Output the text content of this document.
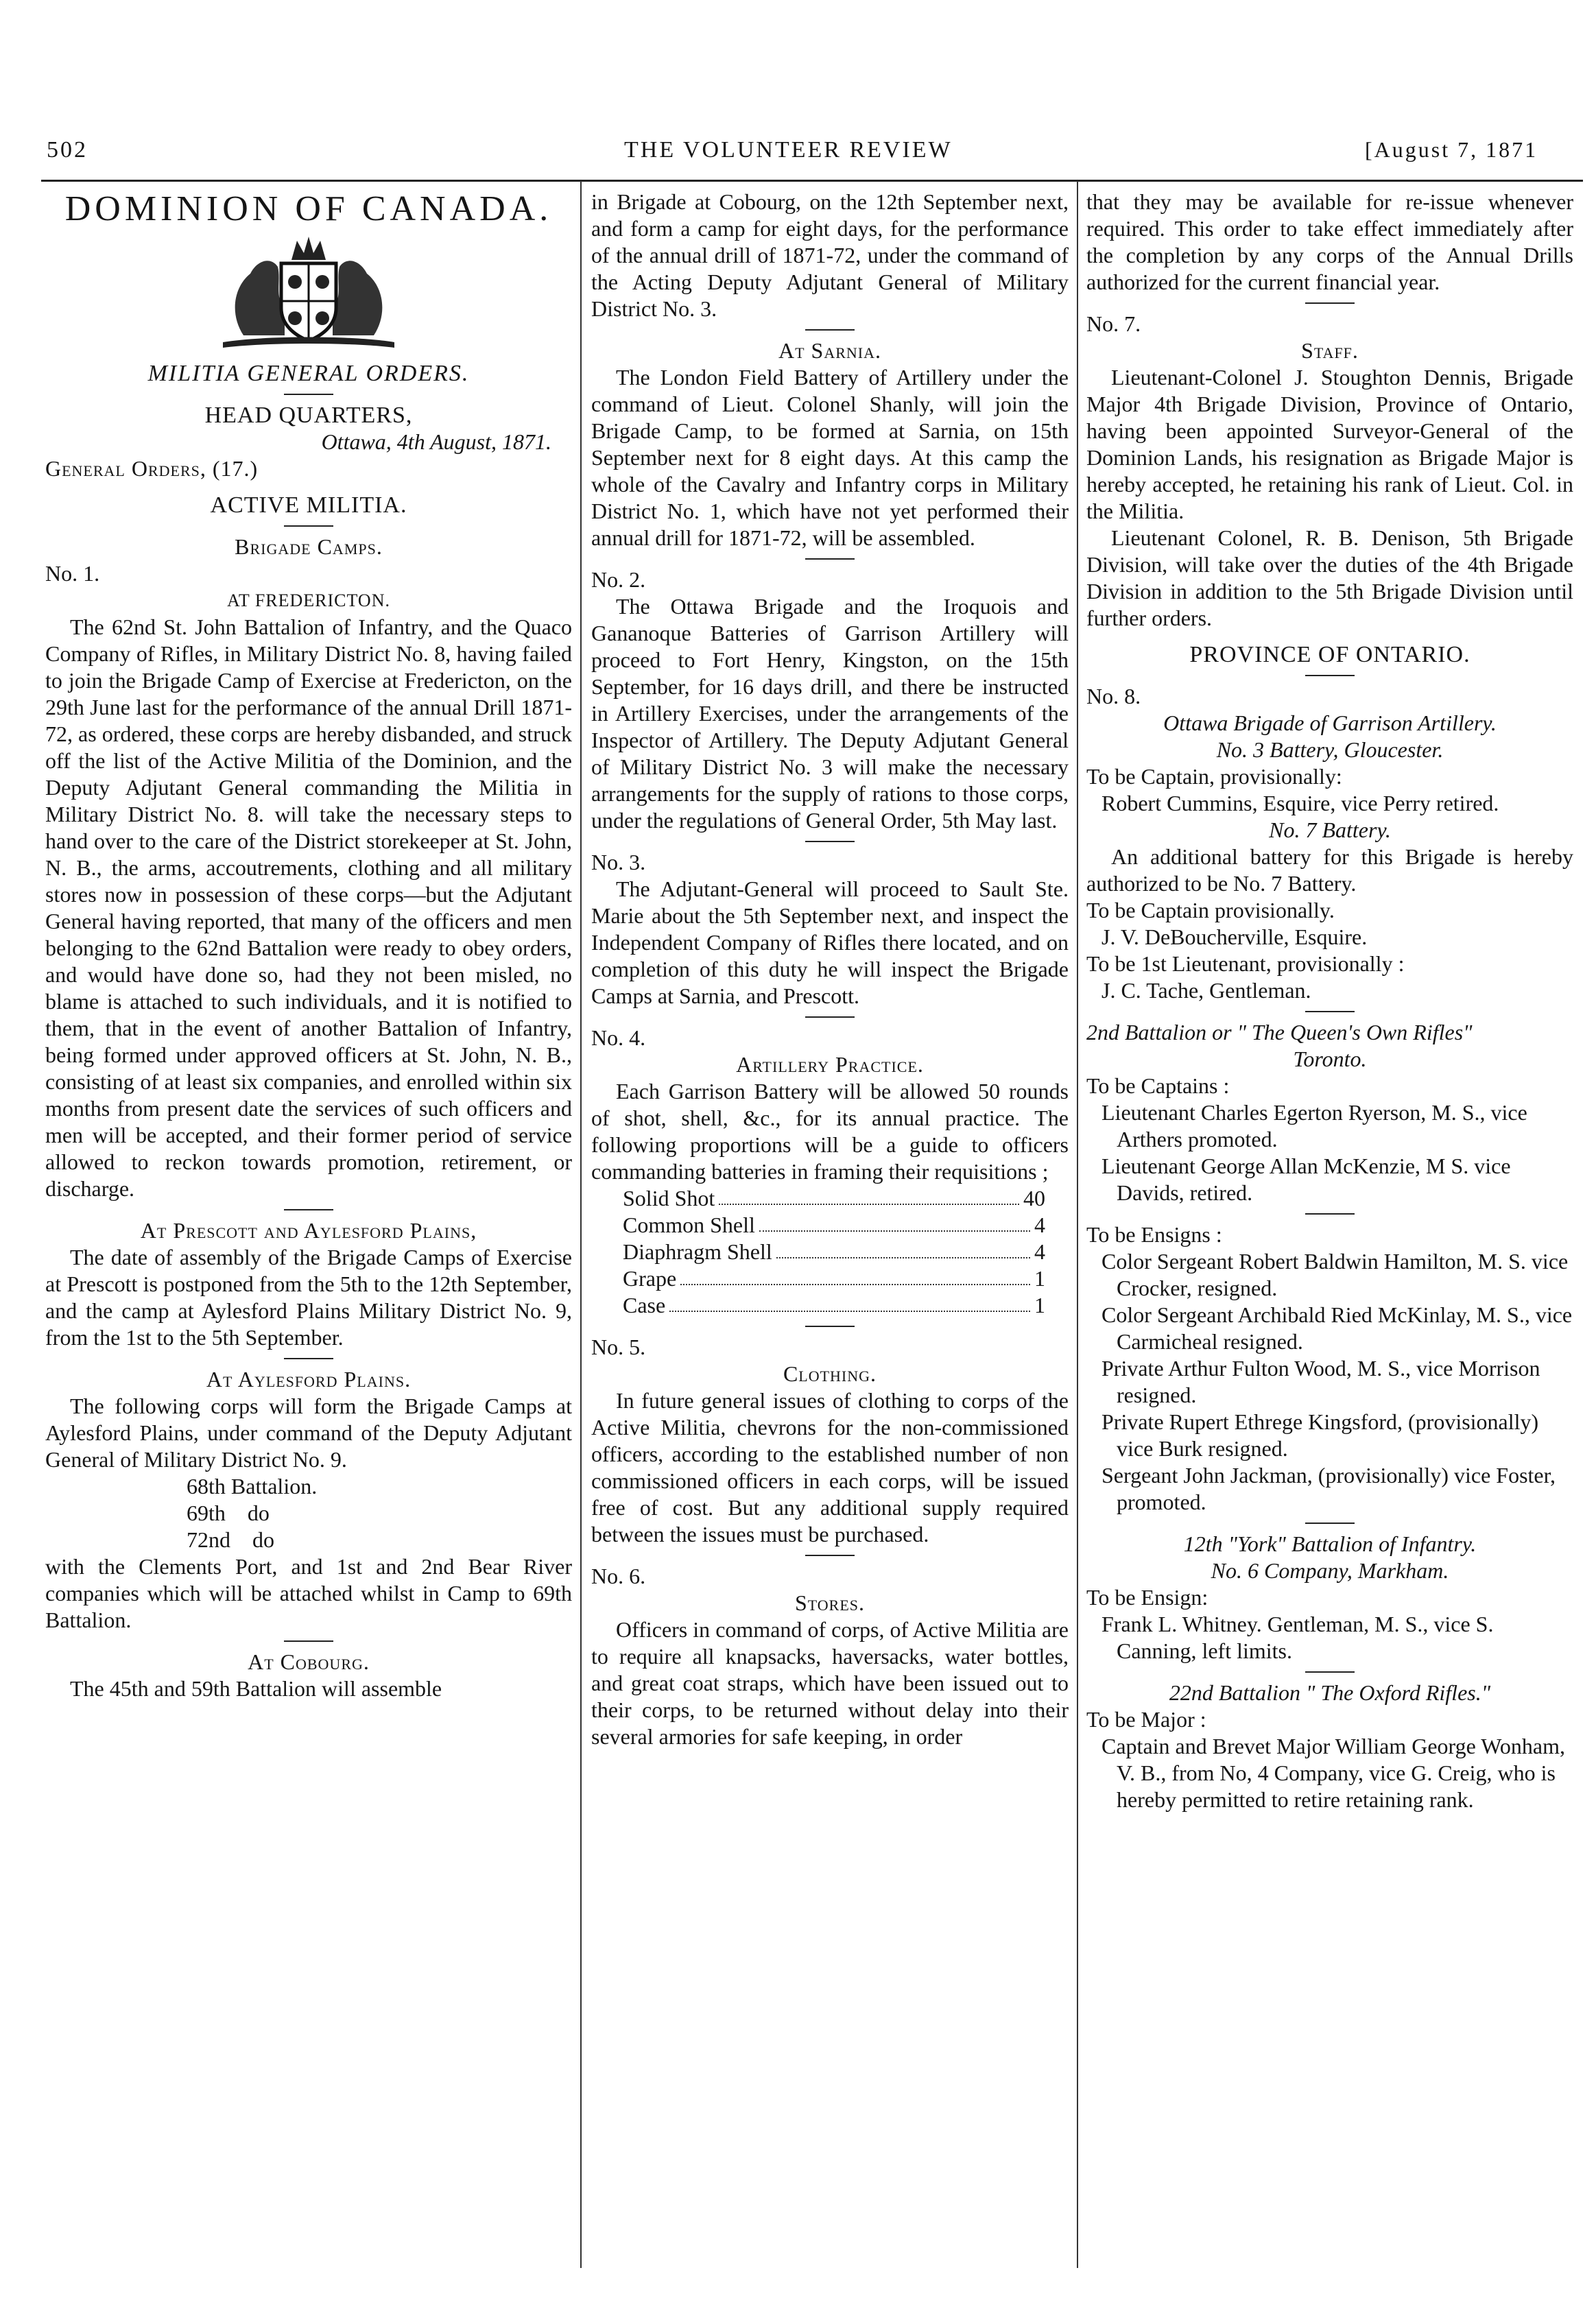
502	THE VOLUNTEER REVIEW	[August 7, 1871

DOMINION OF CANADA.

MILITIA GENERAL ORDERS.

HEAD QUARTERS,

Ottawa, 4th August, 1871.

General Orders, (17.)

ACTIVE MILITIA.

Brigade Camps.

No. 1.

AT FREDERICTON.

The 62nd St. John Battalion of Infantry, and the Quaco Company of Rifles, in Military District No. 8, having failed to join the Brigade Camp of Exercise at Fredericton, on the 29th June last for the performance of the annual Drill 1871-72, as ordered, these corps are hereby disbanded, and struck off the list of the Active Militia of the Dominion, and the Deputy Adjutant General commanding the Militia in Military District No. 8. will take the necessary steps to hand over to the care of the District storekeeper at St. John, N. B., the arms, accoutrements, clothing and all military stores now in possession of these corps—but the Adjutant General having reported, that many of the officers and men belonging to the 62nd Battalion were ready to obey orders, and would have done so, had they not been misled, no blame is attached to such individuals, and it is notified to them, that in the event of another Battalion of Infantry, being formed under approved officers at St. John, N. B., consisting of at least six companies, and enrolled within six months from present date the services of such officers and men will be accepted, and their former period of service allowed to reckon towards promotion, retirement, or discharge.

At Prescott and Aylesford Plains,

The date of assembly of the Brigade Camps of Exercise at Prescott is postponed from the 5th to the 12th September, and the camp at Aylesford Plains Military District No. 9, from the 1st to the 5th September.

At Aylesford Plains.

The following corps will form the Brigade Camps at Aylesford Plains, under command of the Deputy Adjutant General of Military District No. 9.

68th Battalion.

69th    do

72nd    do

with the Clements Port, and 1st and 2nd Bear River companies which will be attached whilst in Camp to 69th Battalion.

At Cobourg.

The 45th and 59th Battalion will assemble

in Brigade at Cobourg, on the 12th September next, and form a camp for eight days, for the performance of the annual drill of 1871-72, under the command of the Acting Deputy Adjutant General of Military District No. 3.

At Sarnia.

The London Field Battery of Artillery under the command of Lieut. Colonel Shanly, will join the Brigade Camp, to be formed at Sarnia, on 15th September next for 8 eight days. At this camp the whole of the Cavalry and Infantry corps in Military District No. 1, which have not yet performed their annual drill for 1871-72, will be assembled.

No. 2.

The Ottawa Brigade and the Iroquois and Gananoque Batteries of Garrison Artillery will proceed to Fort Henry, Kingston, on the 15th September, for 16 days drill, and there be instructed in Artillery Exercises, under the arrangements of the Inspector of Artillery. The Deputy Adjutant General of Military District No. 3 will make the necessary arrangements for the supply of rations to those corps, under the regulations of General Order, 5th May last.

No. 3.

The Adjutant-General will proceed to Sault Ste. Marie about the 5th September next, and inspect the Independent Company of Rifles there located, and on completion of this duty he will inspect the Brigade Camps at Sarnia, and Prescott.

No. 4.

Artillery Practice.

Each Garrison Battery will be allowed 50 rounds of shot, shell, &c., for its annual practice. The following proportions will be a guide to officers commanding batteries in framing their requisitions ;

Solid Shot	40
Common Shell	4
Diaphragm Shell	4
Grape	1
Case	1

No. 5.

Clothing.

In future general issues of clothing to corps of the Active Militia, chevrons for the non-commissioned officers, according to the established number of non commissioned officers in each corps, will be issued free of cost. But any additional supply required between the issues must be purchased.

No. 6.

Stores.

Officers in command of corps, of Active Militia are to require all knapsacks, haversacks, water bottles, and great coat straps, which have been issued out to their corps, to be returned without delay into their several armories for safe keeping, in order

that they may be available for re-issue whenever required. This order to take effect immediately after the completion by any corps of the Annual Drills authorized for the current financial year.

No. 7.

Staff.

Lieutenant-Colonel J. Stoughton Dennis, Brigade Major 4th Brigade Division, Province of Ontario, having been appointed Surveyor-General of the Dominion Lands, his resignation as Brigade Major is hereby accepted, he retaining his rank of Lieut. Col. in the Militia.

Lieutenant Colonel, R. B. Denison, 5th Brigade Division, will take over the duties of the 4th Brigade Division in addition to the 5th Brigade Division until further orders.

PROVINCE OF ONTARIO.

No. 8.

Ottawa Brigade of Garrison Artillery.

No. 3 Battery, Gloucester.

To be Captain, provisionally:

Robert Cummins, Esquire, vice Perry retired.

No. 7 Battery.

An additional battery for this Brigade is hereby authorized to be No. 7 Battery.

To be Captain provisionally.

J. V. DeBoucherville, Esquire.

To be 1st Lieutenant, provisionally :

J. C. Tache, Gentleman.

2nd Battalion or " The Queen's Own Rifles"

Toronto.

To be Captains :

Lieutenant Charles Egerton Ryerson, M. S., vice Arthers promoted.

Lieutenant George Allan McKenzie, M S. vice Davids, retired.

To be Ensigns :

Color Sergeant Robert Baldwin Hamilton, M. S. vice Crocker, resigned.

Color Sergeant Archibald Ried McKinlay, M. S., vice Carmicheal resigned.

Private Arthur Fulton Wood, M. S., vice Morrison resigned.

Private Rupert Ethrege Kingsford, (provisionally) vice Burk resigned.

Sergeant John Jackman, (provisionally) vice Foster, promoted.

12th "York" Battalion of Infantry.

No. 6 Company, Markham.

To be Ensign:

Frank L. Whitney. Gentleman, M. S., vice S. Canning, left limits.

22nd Battalion " The Oxford Rifles."

To be Major :

Captain and Brevet Major William George Wonham, V. B., from No, 4 Company, vice G. Creig, who is hereby permitted to retire retaining rank.
